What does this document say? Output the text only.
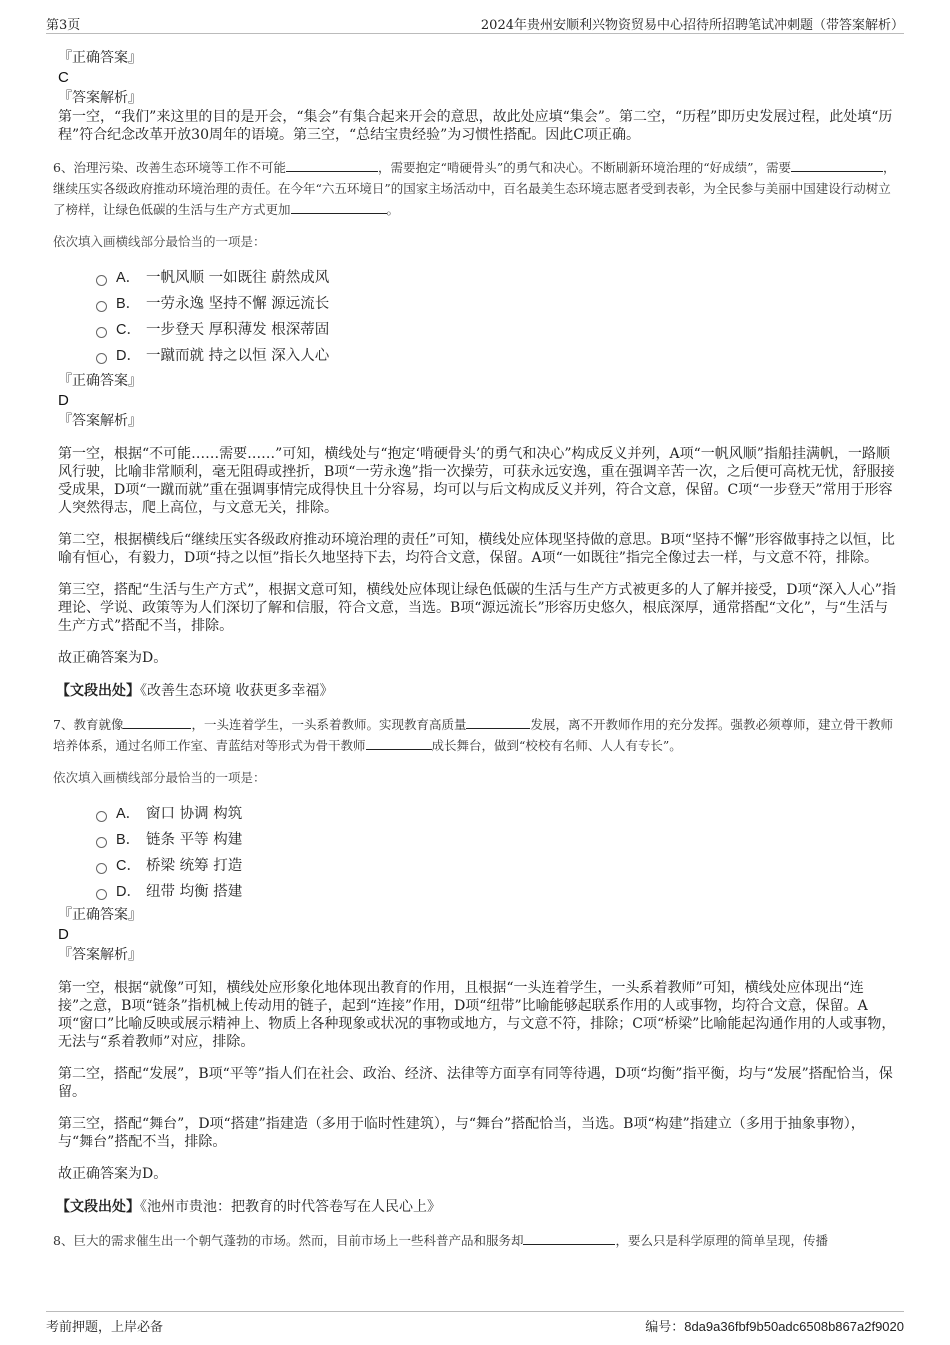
第3页	2024年贵州安顺利兴物资贸易中心招待所招聘笔试冲刺题（带答案解析）
『正确答案』
C
『答案解析』
第一空，“我们”来这里的目的是开会，“集会”有集合起来开会的意思，故此处应填“集会”。第二空，“历程”即历史发展过程，此处填“历程”符合纪念改革开放30周年的语境。第三空，“总结宝贵经验”为习惯性搭配。因此C项正确。
6、治理污染、改善生态环境等工作不可能	，需要抱定“啃硬骨头”的勇气和决心。不断刷新环境治理的“好成绩”，需要	，继续压实各级政府推动环境治理的责任。在今年“六五环境日”的国家主场活动中，百名最美生态环境志愿者受到表彰，为全民参与美丽中国建设行动树立了榜样，让绿色低碳的生活与生产方式更加	。
依次填入画横线部分最恰当的一项是：
A． 一帆风顺 一如既往 蔚然成风
B． 一劳永逸 坚持不懈 源远流长
C． 一步登天 厚积薄发 根深蒂固
D． 一蹴而就 持之以恒 深入人心
『正确答案』
D
『答案解析』
第一空，根据“不可能……需要……”可知，横线处与“抱定‘啃硬骨头’的勇气和决心”构成反义并列，A项“一帆风顺”指船挂满帆，一路顺风行驶，比喻非常顺利，毫无阻碍或挫折，B项“一劳永逸”指一次操劳，可获永远安逸，重在强调辛苦一次，之后便可高枕无忧，舒服接受成果，D项“一蹴而就”重在强调事情完成得快且十分容易，均可以与后文构成反义并列，符合文意，保留。C项“一步登天”常用于形容人突然得志，爬上高位，与文意无关，排除。
第二空，根据横线后“继续压实各级政府推动环境治理的责任”可知，横线处应体现坚持做的意思。B项“坚持不懈”形容做事持之以恒，比喻有恒心，有毅力，D项“持之以恒”指长久地坚持下去，均符合文意，保留。A项“一如既往”指完全像过去一样，与文意不符，排除。
第三空，搭配“生活与生产方式”，根据文意可知，横线处应体现让绿色低碳的生活与生产方式被更多的人了解并接受，D项“深入人心”指理论、学说、政策等为人们深切了解和信服，符合文意，当选。B项“源远流长”形容历史悠久，根底深厚，通常搭配“文化”，与“生活与生产方式”搭配不当，排除。
故正确答案为D。
【文段出处】《改善生态环境 收获更多幸福》
7、教育就像	，一头连着学生，一头系着教师。实现教育高质量	发展，离不开教师作用的充分发挥。强教必须尊师，建立骨干教师培养体系，通过名师工作室、青蓝结对等形式为骨干教师	成长舞台，做到“校校有名师、人人有专长”。
依次填入画横线部分最恰当的一项是：
A． 窗口 协调 构筑
B． 链条 平等 构建
C． 桥梁 统筹 打造
D． 纽带 均衡 搭建
『正确答案』
D
『答案解析』
第一空，根据“就像”可知，横线处应形象化地体现出教育的作用，且根据“一头连着学生，一头系着教师”可知，横线处应体现出“连接”之意，B项“链条”指机械上传动用的链子，起到“连接”作用，D项“纽带”比喻能够起联系作用的人或事物，均符合文意，保留。A项“窗口”比喻反映或展示精神上、物质上各种现象或状况的事物或地方，与文意不符，排除；C项“桥梁”比喻能起沟通作用的人或事物，无法与“系着教师”对应，排除。
第二空，搭配“发展”，B项“平等”指人们在社会、政治、经济、法律等方面享有同等待遇，D项“均衡”指平衡，均与“发展”搭配恰当，保留。
第三空，搭配“舞台”，D项“搭建”指建造（多用于临时性建筑），与“舞台”搭配恰当，当选。B项“构建”指建立（多用于抽象事物），与“舞台”搭配不当，排除。
故正确答案为D。
【文段出处】《池州市贵池：把教育的时代答卷写在人民心上》
8、巨大的需求催生出一个朝气蓬勃的市场。然而，目前市场上一些科普产品和服务却	，要么只是科学原理的简单呈现，传播
考前押题，上岸必备	编号：8da9a36fbf9b50adc6508b867a2f9020
